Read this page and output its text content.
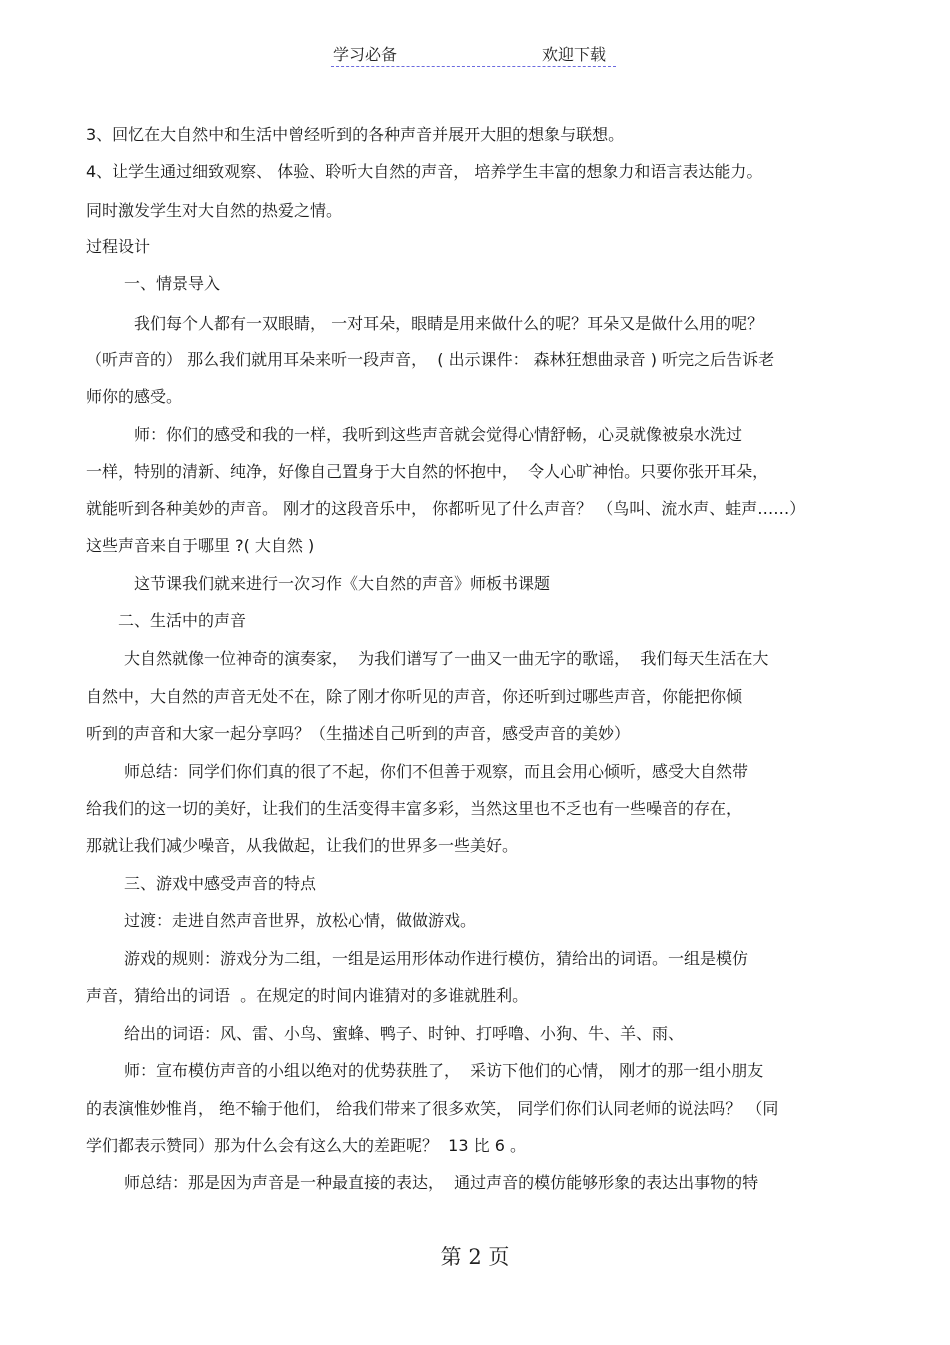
学习必备	欢迎下载
3、回忆在大自然中和生活中曾经听到的各种声音并展开大胆的想象与联想。
4、让学生通过细致观察、 体验、聆听大自然的声音， 培养学生丰富的想象力和语言表达能力。
同时激发学生对大自然的热爱之情。
过程设计
一、情景导入
我们每个人都有一双眼睛， 一对耳朵，眼睛是用来做什么的呢？耳朵又是做什么用的呢？
（听声音的） 那么我们就用耳朵来听一段声音，  ( 出示课件： 森林狂想曲录音 ) 听完之后告诉老
师你的感受。
师：你们的感受和我的一样，我听到这些声音就会觉得心情舒畅，心灵就像被泉水洗过
一样，特别的清新、纯净，好像自己置身于大自然的怀抱中，  令人心旷神怡。只要你张开耳朵，
就能听到各种美妙的声音。 刚才的这段音乐中， 你都听见了什么声音？ （鸟叫、流水声、蛙声……）
这些声音来自于哪里 ?( 大自然 )
这节课我们就来进行一次习作《大自然的声音》师板书课题
二、生活中的声音
大自然就像一位神奇的演奏家，  为我们谱写了一曲又一曲无字的歌谣，  我们每天生活在大
自然中，大自然的声音无处不在，除了刚才你听见的声音，你还听到过哪些声音，你能把你倾
听到的声音和大家一起分享吗？（生描述自己听到的声音，感受声音的美妙）
师总结：同学们你们真的很了不起，你们不但善于观察，而且会用心倾听，感受大自然带
给我们的这一切的美好，让我们的生活变得丰富多彩，当然这里也不乏也有一些噪音的存在，
那就让我们减少噪音，从我做起，让我们的世界多一些美好。
三、游戏中感受声音的特点
过渡：走进自然声音世界，放松心情，做做游戏。
游戏的规则：游戏分为二组，一组是运用形体动作进行模仿，猜给出的词语。一组是模仿
声音，猜给出的词语  。在规定的时间内谁猜对的多谁就胜利。
给出的词语：风、雷、小鸟、蜜蜂、鸭子、时钟、打呼噜、小狗、牛、羊、雨、
师：宣布模仿声音的小组以绝对的优势获胜了，  采访下他们的心情， 刚才的那一组小朋友
的表演惟妙惟肖， 绝不输于他们， 给我们带来了很多欢笑， 同学们你们认同老师的说法吗？ （同
学们都表示赞同）那为什么会有这么大的差距呢？  13 比 6 。
师总结：那是因为声音是一种最直接的表达，  通过声音的模仿能够形象的表达出事物的特
第 2 页
